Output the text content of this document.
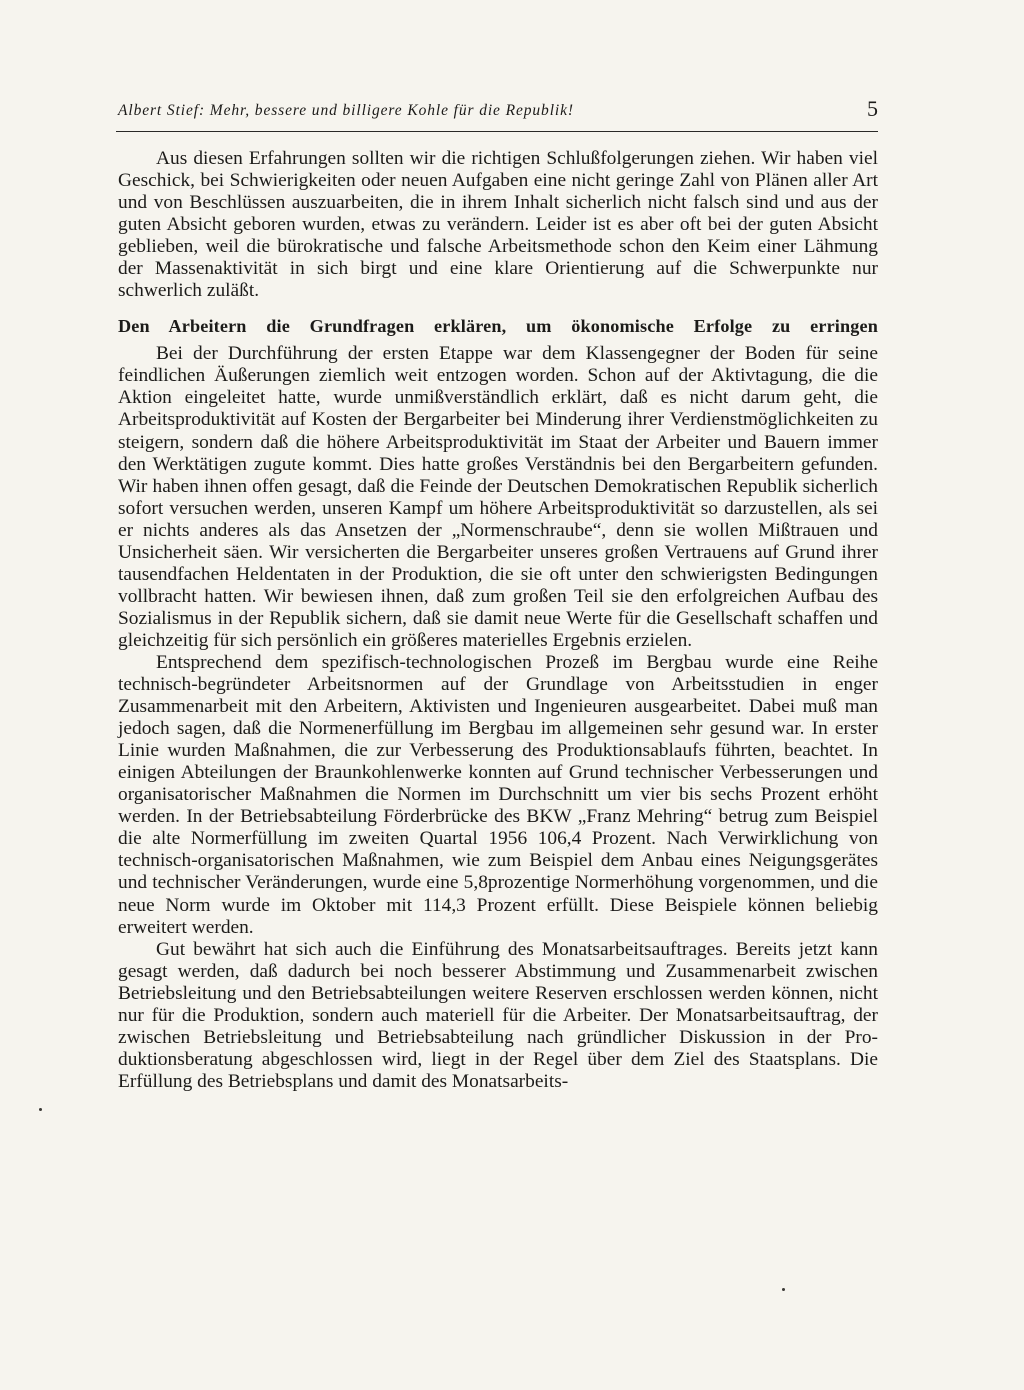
Albert Stief: Mehr, bessere und billigere Kohle für die Republik!	5

Aus diesen Erfahrungen sollten wir die richtigen Schlußfolgerungen ziehen. Wir haben viel Geschick, bei Schwierigkeiten oder neuen Aufgaben eine nicht geringe Zahl von Plänen aller Art und von Beschlüssen auszuarbeiten, die in ihrem Inhalt sicherlich nicht falsch sind und aus der guten Absicht geboren wurden, etwas zu verändern. Leider ist es aber oft bei der guten Absicht geblieben, weil die bürokratische und falsche Arbeitsmethode schon den Keim einer Lähmung der Massenaktivität in sich birgt und eine klare Orientierung auf die Schwerpunkte nur schwerlich zuläßt.

Den Arbeitern die Grundfragen erklären, um ökonomische Erfolge zu erringen

Bei der Durchführung der ersten Etappe war dem Klassengegner der Boden für seine feindlichen Äußerungen ziemlich weit entzogen worden. Schon auf der Aktivtagung, die die Aktion eingeleitet hatte, wurde unmißverständlich erklärt, daß es nicht darum geht, die Arbeitsproduktivität auf Kosten der Bergarbeiter bei Minderung ihrer Verdienstmöglichkeiten zu steigern, sondern daß die höhere Arbeitsproduktivität im Staat der Arbeiter und Bauern immer den Werktätigen zugute kommt. Dies hatte großes Verständnis bei den Bergarbeitern gefunden. Wir haben ihnen offen gesagt, daß die Feinde der Deutschen Demokratischen Republik sicherlich sofort versuchen werden, unseren Kampf um höhere Arbeitsproduktivität so darzustellen, als sei er nichts anderes als das Ansetzen der „Normenschraube“, denn sie wollen Mißtrauen und Unsicherheit säen. Wir versicherten die Bergarbeiter unseres großen Vertrauens auf Grund ihrer tausendfachen Heldentaten in der Produktion, die sie oft unter den schwierigsten Bedingungen vollbracht hatten. Wir bewiesen ihnen, daß zum großen Teil sie den erfolgreichen Aufbau des Sozialismus in der Republik sichern, daß sie damit neue Werte für die Gesellschaft schaffen und gleichzeitig für sich persönlich ein größeres materielles Ergebnis erzielen.

Entsprechend dem spezifisch-technologischen Prozeß im Bergbau wurde eine Reihe technisch-begründeter Arbeitsnormen auf der Grundlage von Arbeitsstudien in enger Zusammenarbeit mit den Arbeitern, Aktivisten und Ingenieuren ausgearbeitet. Dabei muß man jedoch sagen, daß die Normenerfüllung im Bergbau im allgemeinen sehr gesund war. In erster Linie wurden Maßnahmen, die zur Verbesserung des Produktionsablaufs führten, beachtet. In einigen Abteilungen der Braunkohlenwerke konnten auf Grund technischer Verbesserungen und organisatorischer Maßnahmen die Normen im Durchschnitt um vier bis sechs Prozent erhöht werden. In der Betriebsabteilung Förderbrücke des BKW „Franz Mehring“ betrug zum Beispiel die alte Normerfüllung im zweiten Quartal 1956 106,4 Prozent. Nach Verwirklichung von technisch-organisatorischen Maßnahmen, wie zum Beispiel dem Anbau eines Neigungsgerätes und technischer Veränderungen, wurde eine 5,8prozentige Normerhöhung vorgenommen, und die neue Norm wurde im Oktober mit 114,3 Prozent erfüllt. Diese Beispiele können beliebig erweitert werden.

Gut bewährt hat sich auch die Einführung des Monatsarbeitsauftrages. Bereits jetzt kann gesagt werden, daß dadurch bei noch besserer Abstimmung und Zusammenarbeit zwischen Betriebsleitung und den Betriebsabteilungen weitere Reserven erschlossen werden können, nicht nur für die Produktion, sondern auch materiell für die Arbeiter. Der Monatsarbeitsauftrag, der zwischen Betriebsleitung und Betriebsabteilung nach gründlicher Diskussion in der Produktionsberatung abgeschlossen wird, liegt in der Regel über dem Ziel des Staatsplans. Die Erfüllung des Betriebsplans und damit des Monatsarbeits-
